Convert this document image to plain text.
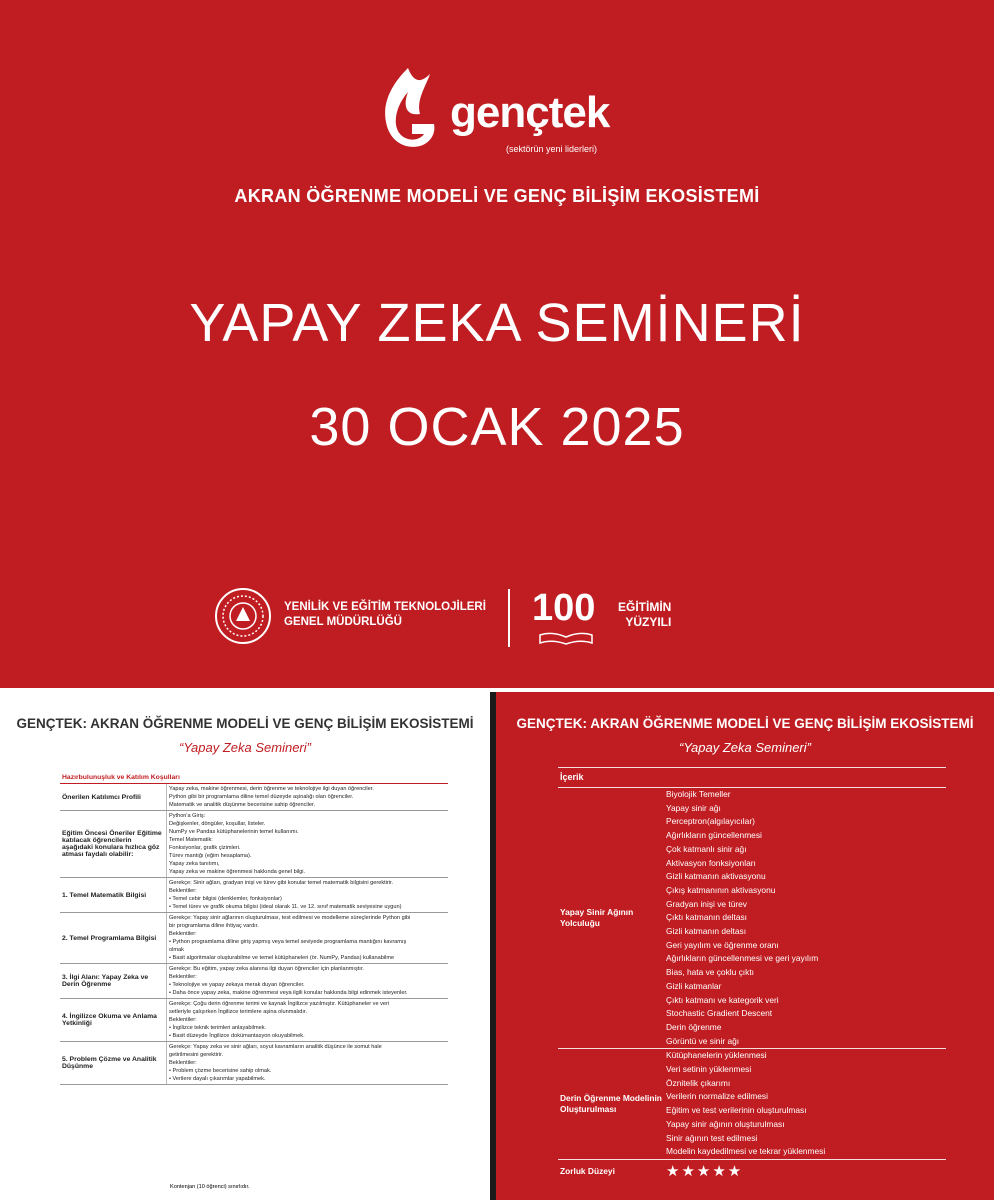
gençtek
(sektörün yeni liderleri)
AKRAN ÖĞRENME MODELİ VE GENÇ BİLİŞİM EKOSİSTEMİ
YAPAY ZEKA SEMİNERİ
30 OCAK 2025
YENİLİK VE EĞİTİM TEKNOLOJİLERİ
GENEL MÜDÜRLÜĞÜ	100 EĞİTİMİN
YÜZYILI
GENÇTEK: AKRAN ÖĞRENME MODELİ VE GENÇ BİLİŞİM EKOSİSTEMİ
“Yapay Zeka Semineri”
Hazırbulunuşluk ve Katılım Koşulları
Önerilen Katılımcı Profili
Yapay zeka, makine öğrenmesi, derin öğrenme ve teknolojiye ilgi duyan öğrenciler.
Python gibi bir programlama diline temel düzeyde aşinalığı olan öğrenciler.
Matematik ve analitik düşünme becerisine sahip öğrenciler.
Eğitim Öncesi Öneriler Eğitime katılacak öğrencilerin aşağıdaki konulara hızlıca göz atması faydalı olabilir:
Python'a Giriş:
Değişkenler, döngüler, koşullar, listeler.
NumPy ve Pandas kütüphanelerinin temel kullanımı.
Temel Matematik:
Fonksiyonlar, grafik çizimleri.
Türev mantığı (eğim hesaplama).
Yapay zeka tanıtımı,
Yapay zeka ve makine öğrenmesi hakkında genel bilgi.
1. Temel Matematik Bilgisi
Gerekçe: Sinir ağları, gradyan inişi ve türev gibi konular temel matematik bilgisini gerektirir.
Beklentiler:
• Temel cebir bilgisi (denklemler, fonksiyonlar)
• Temel türev ve grafik okuma bilgisi (ideal olarak 11. ve 12. sınıf matematik seviyesine uygun)
2. Temel Programlama Bilgisi
Gerekçe: Yapay sinir ağlarının oluşturulması, test edilmesi ve modelleme süreçlerinde Python gibi
bir programlama diline ihtiyaç vardır.
Beklentiler:
• Python programlama diline giriş yapmış veya temel seviyede programlama mantığını kavramış
olmak
• Basit algoritmalar oluşturabilme ve temel kütüphaneleri (ör. NumPy, Pandas) kullanabilme
3. İlgi Alanı: Yapay Zeka ve Derin Öğrenme
Gerekçe: Bu eğitim, yapay zeka alanına ilgi duyan öğrenciler için planlanmıştır.
Beklentiler:
• Teknolojiye ve yapay zekaya merak duyan öğrenciler.
• Daha önce yapay zeka, makine öğrenmesi veya ilgili konular hakkında bilgi edinmek isteyenler.
4. İngilizce Okuma ve Anlama Yetkinliği
Gerekçe: Çoğu derin öğrenme terimi ve kaynak İngilizce yazılmıştır. Kütüphaneler ve veri
setleriyle çalışırken İngilizce terimlere aşina olunmalıdır.
Beklentiler:
• İngilizce teknik terimleri anlayabilmek.
• Basit düzeyde İngilizce dokümantasyon okuyabilmek.
5. Problem Çözme ve Analitik Düşünme
Gerekçe: Yapay zeka ve sinir ağları, soyut kavramların analitik düşünce ile somut hale
getirilmesini gerektirir.
Beklentiler:
• Problem çözme becerisine sahip olmak.
• Verilere dayalı çıkarımlar yapabilmek.
Kontenjan (10 öğrenci) sınırlıdır.
GENÇTEK: AKRAN ÖĞRENME MODELİ VE GENÇ BİLİŞİM EKOSİSTEMİ
“Yapay Zeka Semineri”
İçerik
Yapay Sinir Ağının Yolculuğu
Biyolojik Temeller
Yapay sinir ağı
Perceptron(algılayıcılar)
Ağırlıkların güncellenmesi
Çok katmanlı sinir ağı
Aktivasyon fonksiyonları
Gizli katmanın aktivasyonu
Çıkış katmanının aktivasyonu
Gradyan inişi ve türev
Çıktı katmanın deltası
Gizli katmanın deltası
Geri yayılım ve öğrenme oranı
Ağırlıkların güncellenmesi ve geri yayılım
Bias, hata ve çoklu çıktı
Gizli katmanlar
Çıktı katmanı ve kategorik veri
Stochastic Gradient Descent
Derin öğrenme
Görüntü ve sinir ağı
Derin Öğrenme Modelinin Oluşturulması
Kütüphanelerin yüklenmesi
Veri setinin yüklenmesi
Öznitelik çıkarımı
Verilerin normalize edilmesi
Eğitim ve test verilerinin oluşturulması
Yapay sinir ağının oluşturulması
Sinir ağının test edilmesi
Modelin kaydedilmesi ve tekrar yüklenmesi
Zorluk Düzeyi	★★★★★
